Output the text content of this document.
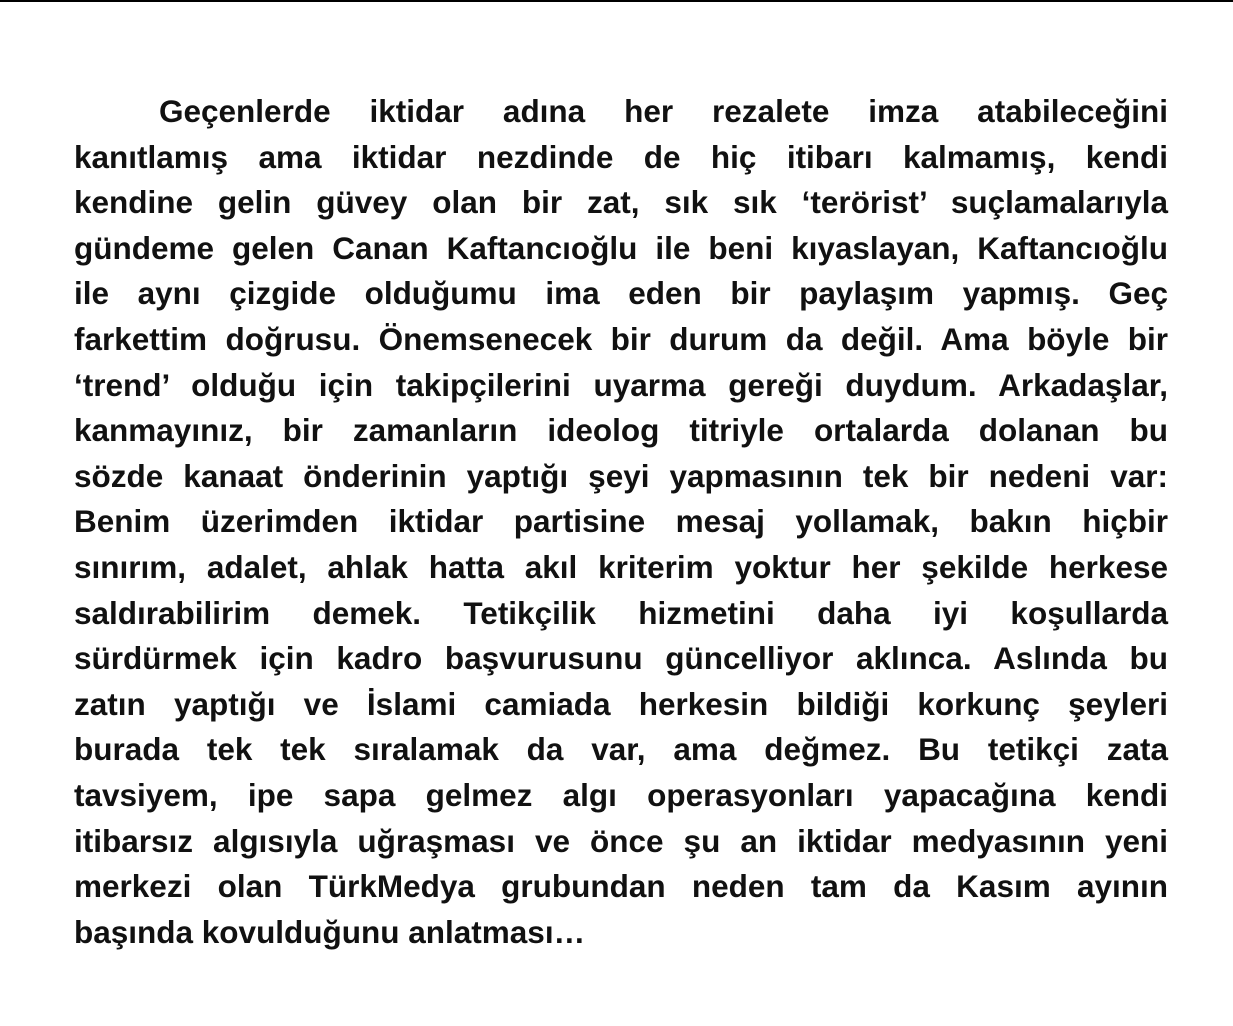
Geçenlerde iktidar adına her rezalete imza atabileceğini
kanıtlamış ama iktidar nezdinde de hiç itibarı kalmamış, kendi
kendine gelin güvey olan bir zat, sık sık ‘terörist’ suçlamalarıyla
gündeme gelen Canan Kaftancıoğlu ile beni kıyaslayan, Kaftancıoğlu
ile aynı çizgide olduğumu ima eden bir paylaşım yapmış. Geç
farkettim doğrusu. Önemsenecek bir durum da değil. Ama böyle bir
‘trend’ olduğu için takipçilerini uyarma gereği duydum. Arkadaşlar,
kanmayınız, bir zamanların ideolog titriyle ortalarda dolanan bu
sözde kanaat önderinin yaptığı şeyi yapmasının tek bir nedeni var:
Benim üzerimden iktidar partisine mesaj yollamak, bakın hiçbir
sınırım, adalet, ahlak hatta akıl kriterim yoktur her şekilde herkese
saldırabilirim demek. Tetikçilik hizmetini daha iyi koşullarda
sürdürmek için kadro başvurusunu güncelliyor aklınca. Aslında bu
zatın yaptığı ve İslami camiada herkesin bildiği korkunç şeyleri
burada tek tek sıralamak da var, ama değmez. Bu tetikçi zata
tavsiyem, ipe sapa gelmez algı operasyonları yapacağına kendi
itibarsız algısıyla uğraşması ve önce şu an iktidar medyasının yeni
merkezi olan TürkMedya grubundan neden tam da Kasım ayının
başında kovulduğunu anlatması…
